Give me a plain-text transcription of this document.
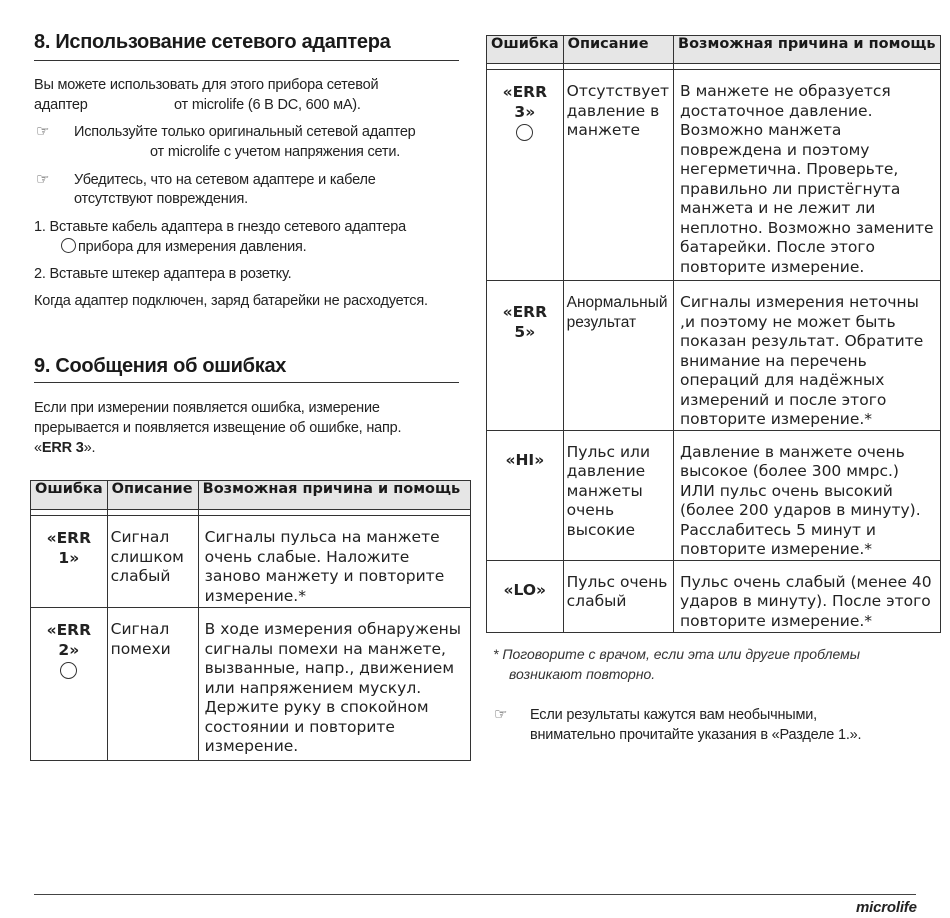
8. Использование сетевого адаптера
Вы можете использовать для этого прибора сетевой
адаптер	от microlife (6 В DC, 600 мА).
☞ Используйте только оригинальный сетевой адаптер
от microlife с учетом напряжения сети.
☞ Убедитесь, что на сетевом адаптере и кабеле
отсутствуют повреждения.
1. Вставьте кабель адаптера в гнездо сетевого адаптера
прибора для измерения давления.
2. Вставьте штекер адаптера в розетку.
Когда адаптер подключен, заряд батарейки не расходуется.
9. Сообщения об ошибках
Если при измерении появляется ошибка, измерение
прерывается и появляется извещение об ошибке, напр.
«ERR 3».
Ошибка	Описание	Возможная причина и помощь

«ERR 1»	Сигнал слишком слабый	Сигналы пульса на манжете очень слабые. Наложите заново манжету и повторите измерение.*
«ERR 2»	Сигнал помехи	В ходе измерения обнаружены сигналы помехи на манжете, вызванные, напр., движением или напряжением мускул. Держите руку в спокойном состоянии и повторите измерение.
Ошибка	Описание	Возможная причина и помощь

«ERR 3»	Отсутствует давление в манжете	В манжете не образуется достаточное давление. Возможно манжета повреждена и поэтому негерметична. Проверьте, правильно ли пристёгнута манжета и не лежит ли неплотно. Возможно замените батарейки. После этого повторите измерение.
«ERR 5»	Анормальный результат	Сигналы измерения неточны ,и поэтому не может быть показан результат. Обратите внимание на перечень операций для надёжных измерений и после этого повторите измерение.*
«HI»	Пульс или давление манжеты очень высокие	Давление в манжете очень высокое (более 300 ммрс.) ИЛИ пульс очень высокий (более 200 ударов в минуту). Расслабитесь 5 минут и повторите измерение.*
«LO»	Пульс очень слабый	Пульс очень слабый (менее 40 ударов в минуту). После этого повторите измерение.*
* Поговорите с врачом, если эта или другие проблемы
возникают повторно.
☞ Если результаты кажутся вам необычными,
внимательно прочитайте указания в «Разделе 1.».
microlife
